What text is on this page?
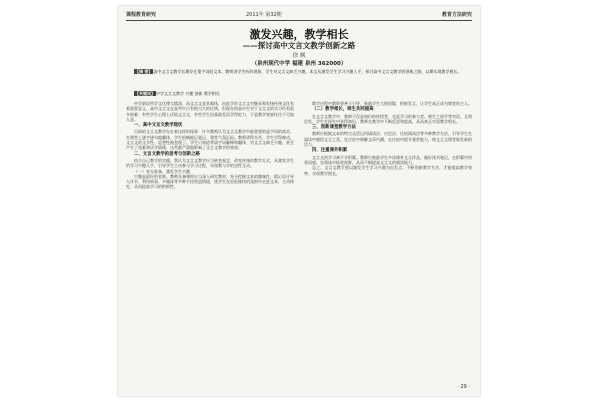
课程教育研究	2011年 第32期	教育方法研究
激发兴趣，教学相长
——探讨高中文言文教学创新之路
徐 枫
（泉州现代中学 福建 泉州 362000）
【摘 要】高中文言文教学长期存在重字词轻文本、教师讲学生听的现象，学生对文言文缺乏兴趣。本文从激发学生学习兴趣入手，探讨高中文言文教学的创新之路，以期实现教学相长。
【关键词】中学文言文教学 兴趣 创新 教学相长

中学阶段所学文化博大精深，而文言文是其载体，因此学好文言文对继承和发扬传统文化有着重要意义。高中文言文在高考中占有相当大的比例，但现在的高中生对于文言文的学习仍有很多困难：有些学生心理上厌烦文言文，有些学生因基础差而学得吃力，于是教学效果往往不尽如人意。

一、高中文言文教学现状

目前的文言文教学存在着这样的现象：许多教师认为文言文教学中最重要的是字词的落实，在课堂上逐字逐句地翻译，学生机械地记笔记，课堂气氛沉闷。教师讲得辛苦，学生学得被动，文言文的文学性、思想性被忽视了。学生只知道背诵字词解释和翻译，对文言文缺乏兴趣，甚至产生了畏难和厌学情绪，这些都严重地影响了文言文教学的效果。

二、文言文教学的思考与创新之路

结合自己教学的实践，我认为文言文教学应当转变观念，改变传统的教学方式，从激发学生的学习兴趣入手，引导学生主动参与学习过程，实现教与学的良性互动。

（一）充分准备，激发学生兴趣

兴趣是最好的老师。教师在备课时应当深入研究教材，充分挖掘文本的趣味性，精心设计导入环节，利用故事、多媒体等多种手段营造情境，使学生在轻松愉快的氛围中走进文本，主动探究，从而提高学习的积极性。

教学过程中教师要善于引导，鼓励学生大胆质疑，积极发言，让学生真正成为课堂的主人。

（二）教学相长，师生共同提高

在文言文教学中，教师不仅是知识的传授者，也是学习的参与者。师生之间平等对话、互相启发，学生在探究中获得知识，教师在教学中不断反思和提高，从而真正实现教学相长。

三、创新课堂教学方法

教师应根据文本的特点灵活运用诵读法、讨论法、比较阅读法等多种教学方法，引导学生在诵读中感悟文言之美，在讨论中理解文章内涵，在比较中提升鉴赏能力，使文言文课堂焕发新的活力。

四、注重课外积累

文言文的学习离不开积累。教师应鼓励学生多读课外文言作品，做好读书笔记，在积累中培养语感，在阅读中拓宽视野，从而不断提高文言文的阅读能力。

总之，文言文教学要以激发学生学习兴趣为出发点，不断创新教学方法，才能提高教学效率，实现教学相长。

· 29 ·
